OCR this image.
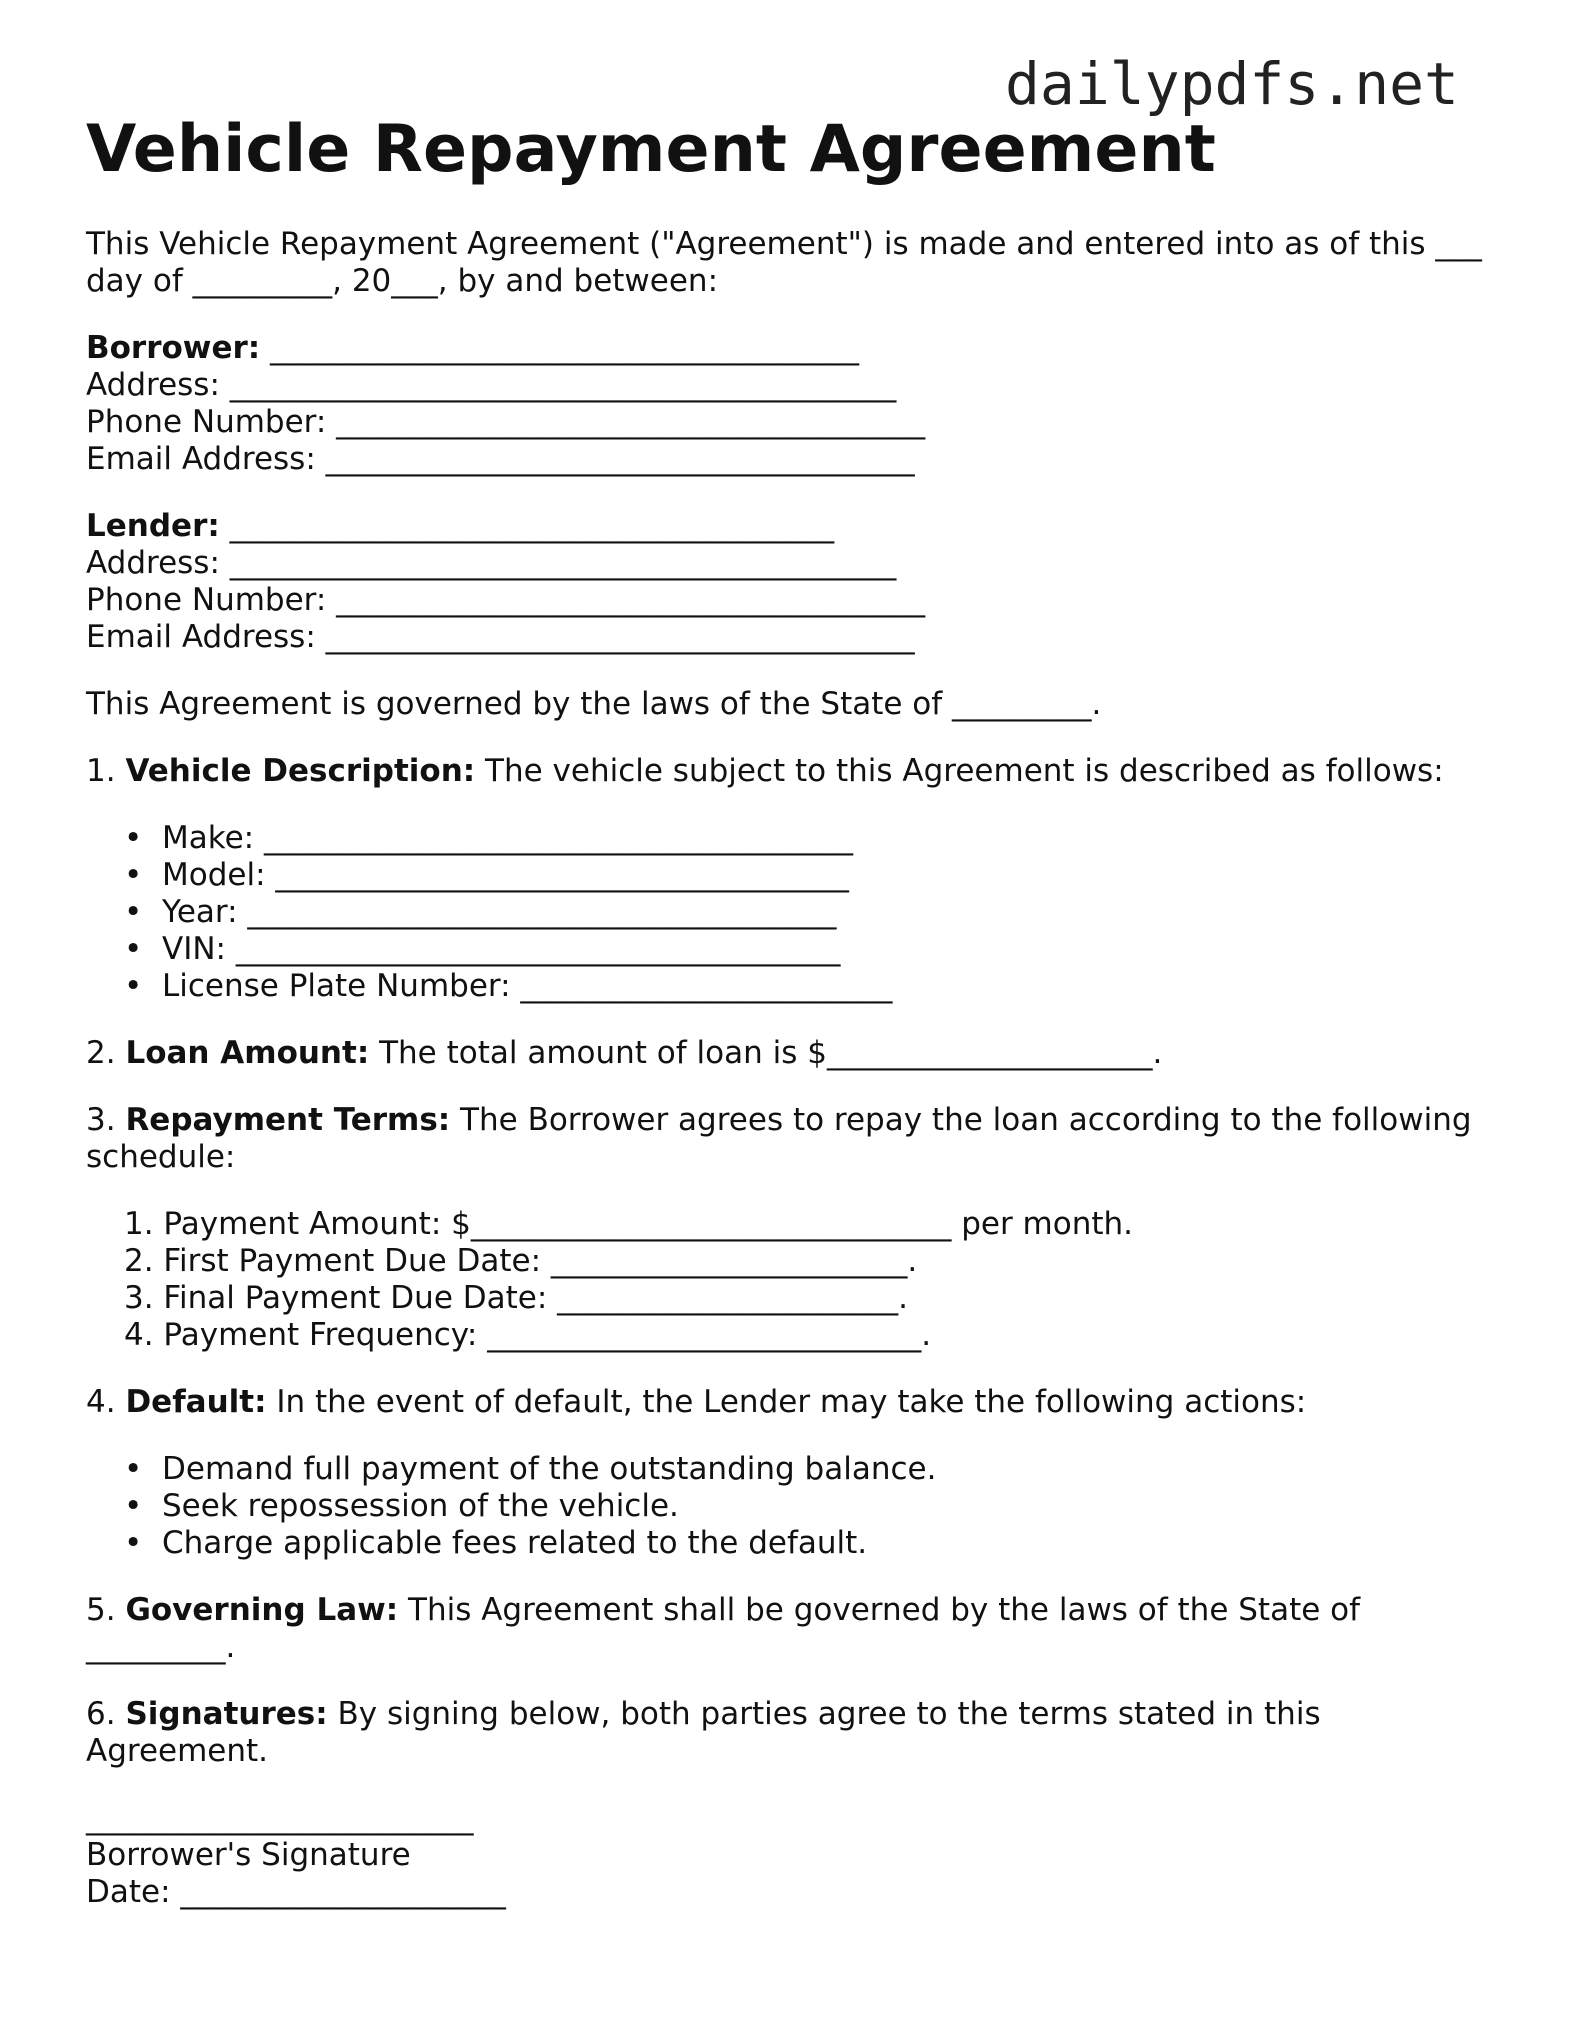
dailypdfs.net
Vehicle Repayment Agreement

This Vehicle Repayment Agreement ("Agreement") is made and entered into as of this ___
day of _________, 20___, by and between:

Borrower: ______________________________________
Address: ___________________________________________
Phone Number: ______________________________________
Email Address: ______________________________________
Lender: _______________________________________
Address: ___________________________________________
Phone Number: ______________________________________
Email Address: ______________________________________

This Agreement is governed by the laws of the State of _________.

1. Vehicle Description: The vehicle subject to this Agreement is described as follows:

• Make: ______________________________________
• Model: _____________________________________
• Year: ______________________________________
• VIN: _______________________________________
• License Plate Number: ________________________

2. Loan Amount: The total amount of loan is $_____________________.

3. Repayment Terms: The Borrower agrees to repay the loan according to the following
schedule:

1. Payment Amount: $_______________________________ per month.
2. First Payment Due Date: _______________________.
3. Final Payment Due Date: ______________________.
4. Payment Frequency: ____________________________.

4. Default: In the event of default, the Lender may take the following actions:

• Demand full payment of the outstanding balance.
• Seek repossession of the vehicle.
• Charge applicable fees related to the default.

5. Governing Law: This Agreement shall be governed by the laws of the State of
_________.

6. Signatures: By signing below, both parties agree to the terms stated in this
Agreement.

_________________________
Borrower's Signature
Date: _____________________
